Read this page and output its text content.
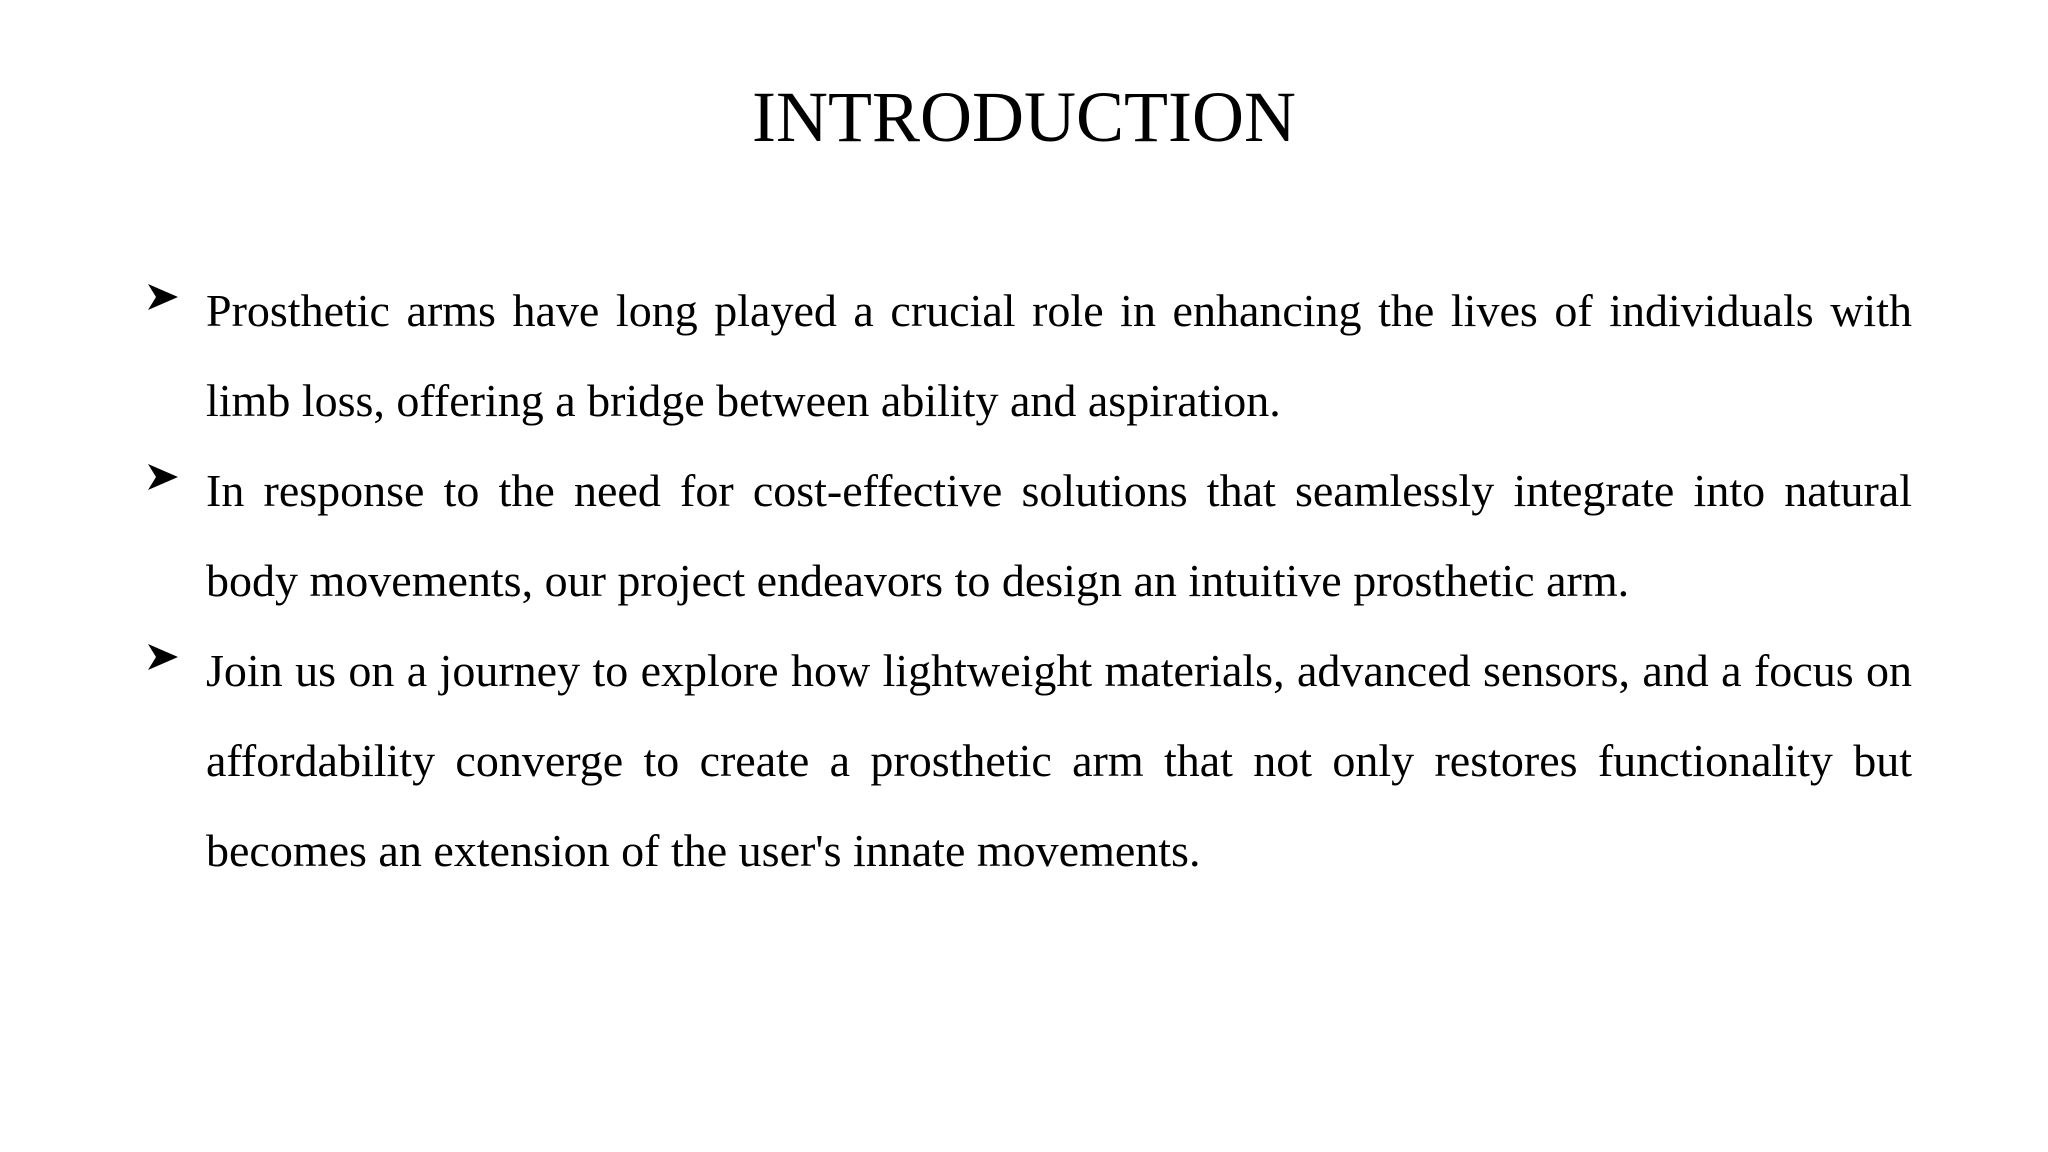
INTRODUCTION
Prosthetic arms have long played a crucial role in enhancing the lives of individuals with limb loss, offering a bridge between ability and aspiration.
In response to the need for cost-effective solutions that seamlessly integrate into natural body movements, our project endeavors to design an intuitive prosthetic arm.
Join us on a journey to explore how lightweight materials, advanced sensors, and a focus on affordability converge to create a prosthetic arm that not only restores functionality but becomes an extension of the user's innate movements.
